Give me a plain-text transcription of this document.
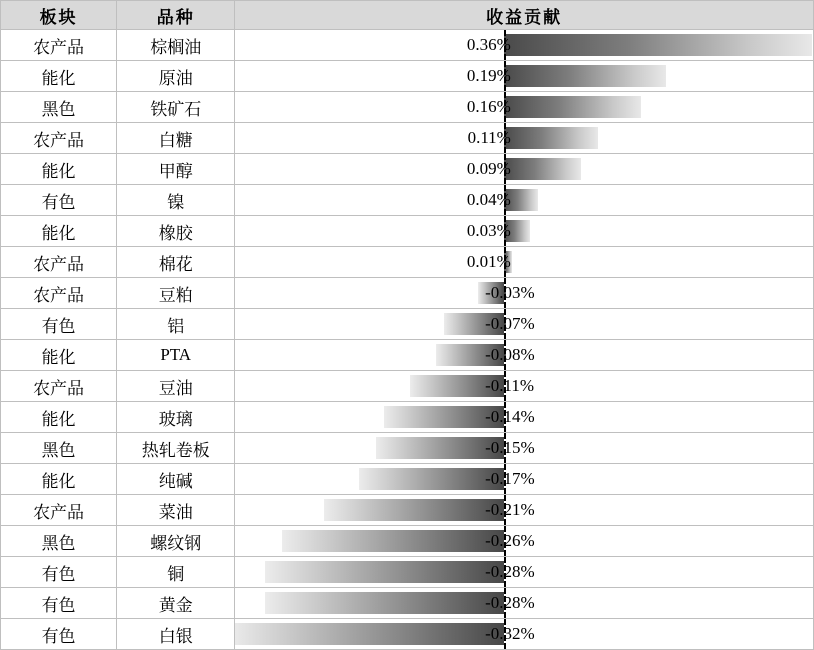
板块	品种	收益贡献
农产品	棕榈油	0.36%

能化	原油	0.19%

黑色	铁矿石	0.16%

农产品	白糖	0.11%

能化	甲醇	0.09%

有色	镍	0.04%

能化	橡胶	0.03%

农产品	棉花	0.01%

农产品	豆粕	-0.03%

有色	铝	-0.07%

能化	PTA	-0.08%

农产品	豆油	-0.11%

能化	玻璃	-0.14%

黑色	热轧卷板	-0.15%

能化	纯碱	-0.17%

农产品	菜油	-0.21%

黑色	螺纹钢	-0.26%

有色	铜	-0.28%

有色	黄金	-0.28%

有色	白银	-0.32%
